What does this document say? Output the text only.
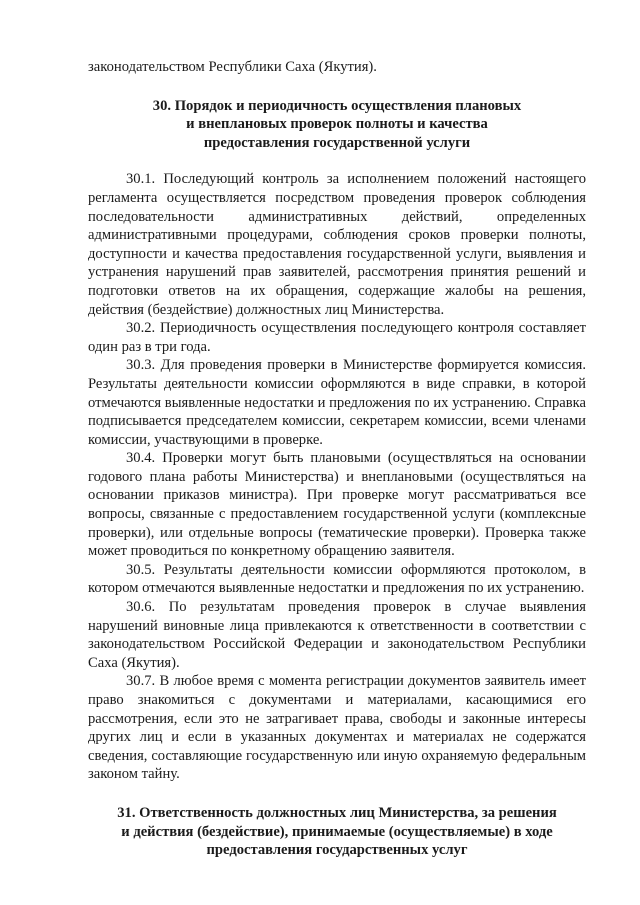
законодательством Республики Саха (Якутия).

30. Порядок и периодичность осуществления плановых
и внеплановых проверок полноты и качества
предоставления государственной услуги

30.1. Последующий контроль за исполнением положений настоящего регламента осуществляется посредством проведения проверок соблюдения последовательности административных действий, определенных административными процедурами, соблюдения сроков проверки полноты, доступности и качества предоставления государственной услуги, выявления и устранения нарушений прав заявителей, рассмотрения принятия решений и подготовки ответов на их обращения, содержащие жалобы на решения, действия (бездействие) должностных лиц Министерства.

30.2. Периодичность осуществления последующего контроля составляет один раз в три года.

30.3. Для проведения проверки в Министерстве формируется комиссия. Результаты деятельности комиссии оформляются в виде справки, в которой отмечаются выявленные недостатки и предложения по их устранению. Справка подписывается председателем комиссии, секретарем комиссии, всеми членами комиссии, участвующими в проверке.

30.4. Проверки могут быть плановыми (осуществляться на основании годового плана работы Министерства) и внеплановыми (осуществляться на основании приказов министра). При проверке могут рассматриваться все вопросы, связанные с предоставлением государственной услуги (комплексные проверки), или отдельные вопросы (тематические проверки). Проверка также может проводиться по конкретному обращению заявителя.

30.5. Результаты деятельности комиссии оформляются протоколом, в котором отмечаются выявленные недостатки и предложения по их устранению.

30.6. По результатам проведения проверок в случае выявления нарушений виновные лица привлекаются к ответственности в соответствии с законодательством Российской Федерации и законодательством Республики Саха (Якутия).

30.7. В любое время с момента регистрации документов заявитель имеет право знакомиться с документами и материалами, касающимися его рассмотрения, если это не затрагивает права, свободы и законные интересы других лиц и если в указанных документах и материалах не содержатся сведения, составляющие государственную или иную охраняемую федеральным законом тайну.

31. Ответственность должностных лиц Министерства, за решения
и действия (бездействие), принимаемые (осуществляемые) в ходе
предоставления государственных услуг
